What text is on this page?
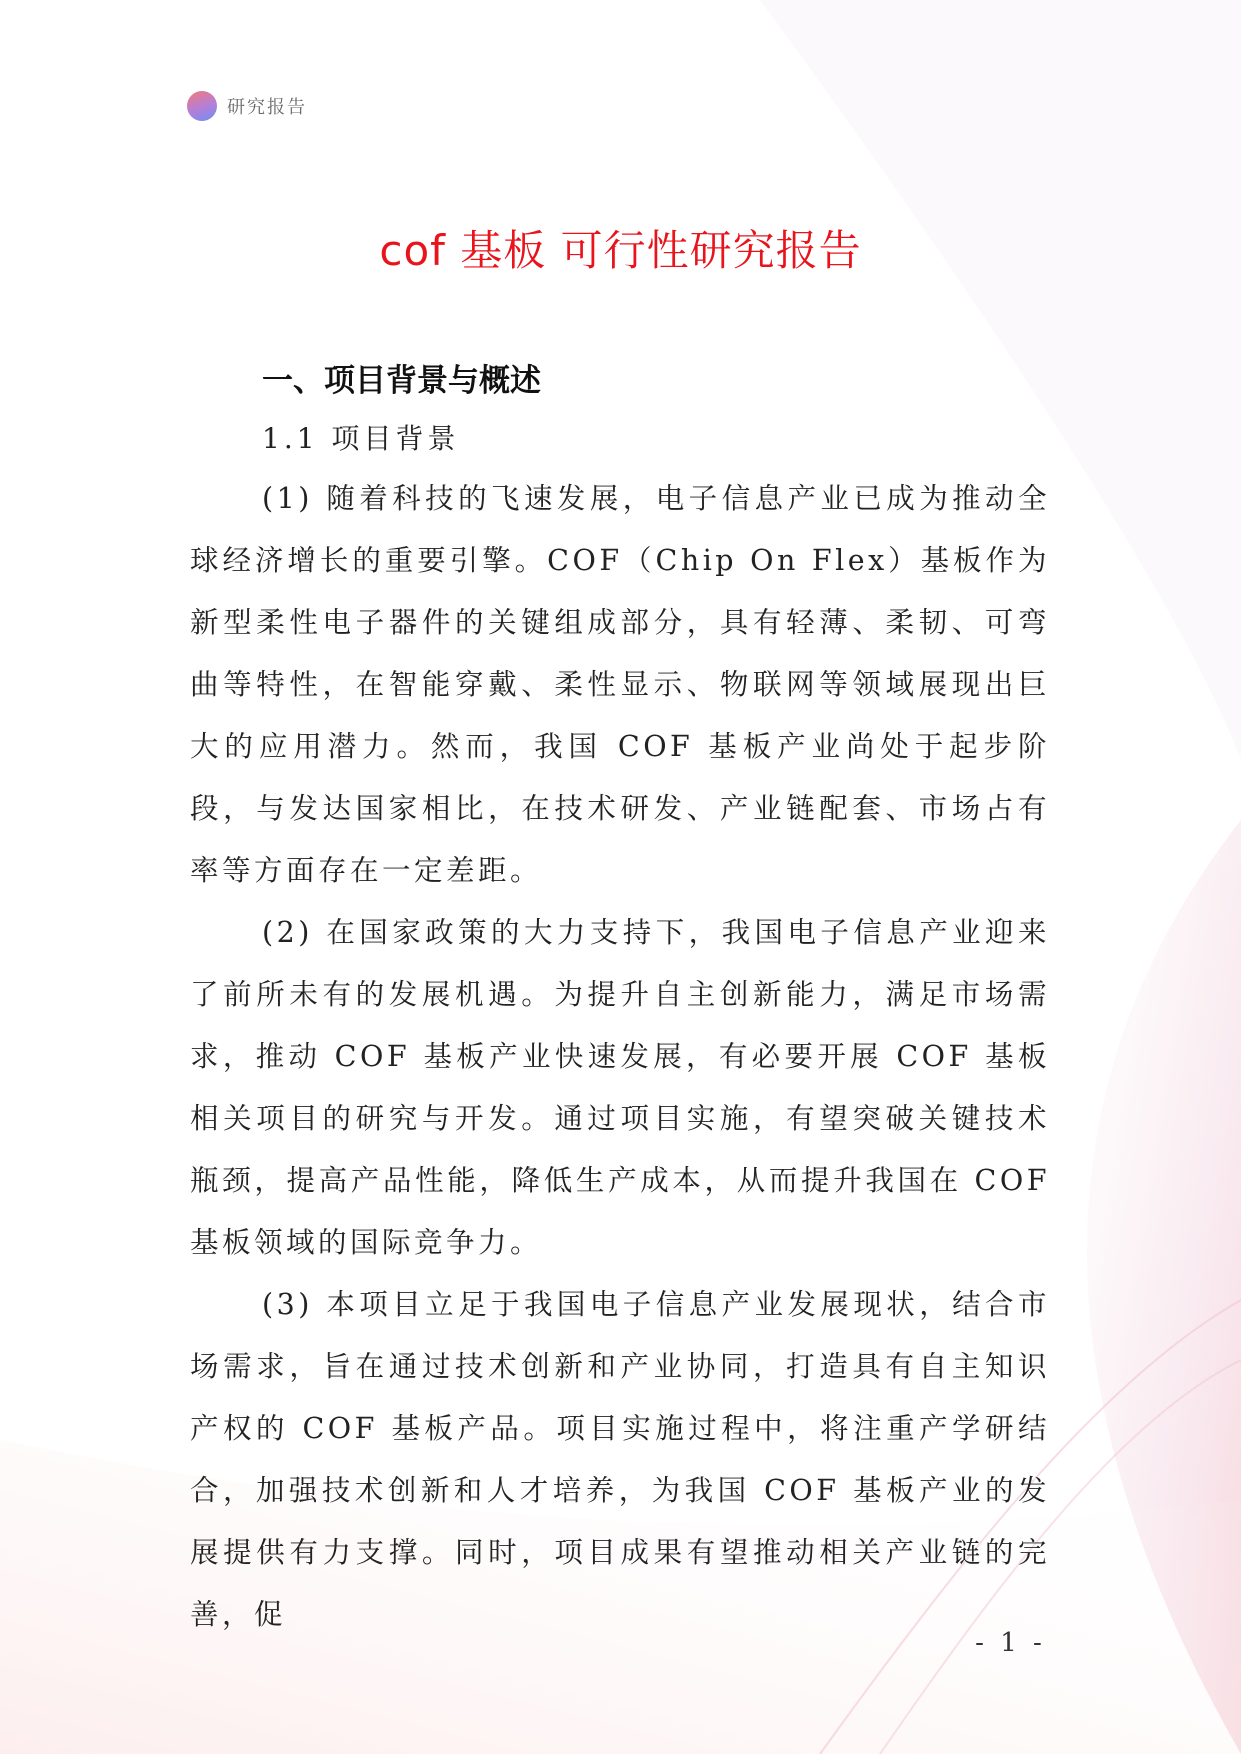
研究报告
cof 基板 可行性研究报告

一、项目背景与概述

1.1 项目背景

(1) 随着科技的飞速发展，电子信息产业已成为推动全球经济增长的重要引擎。COF（Chip On Flex）基板作为新型柔性电子器件的关键组成部分，具有轻薄、柔韧、可弯曲等特性，在智能穿戴、柔性显示、物联网等领域展现出巨大的应用潜力。然而，我国 COF 基板产业尚处于起步阶段，与发达国家相比，在技术研发、产业链配套、市场占有率等方面存在一定差距。

(2) 在国家政策的大力支持下，我国电子信息产业迎来了前所未有的发展机遇。为提升自主创新能力，满足市场需求，推动 COF 基板产业快速发展，有必要开展 COF 基板相关项目的研究与开发。通过项目实施，有望突破关键技术瓶颈，提高产品性能，降低生产成本，从而提升我国在 COF 基板领域的国际竞争力。

(3) 本项目立足于我国电子信息产业发展现状，结合市场需求，旨在通过技术创新和产业协同，打造具有自主知识产权的 COF 基板产品。项目实施过程中，将注重产学研结合，加强技术创新和人才培养，为我国 COF 基板产业的发展提供有力支撑。同时，项目成果有望推动相关产业链的完善，促

- 1 -
